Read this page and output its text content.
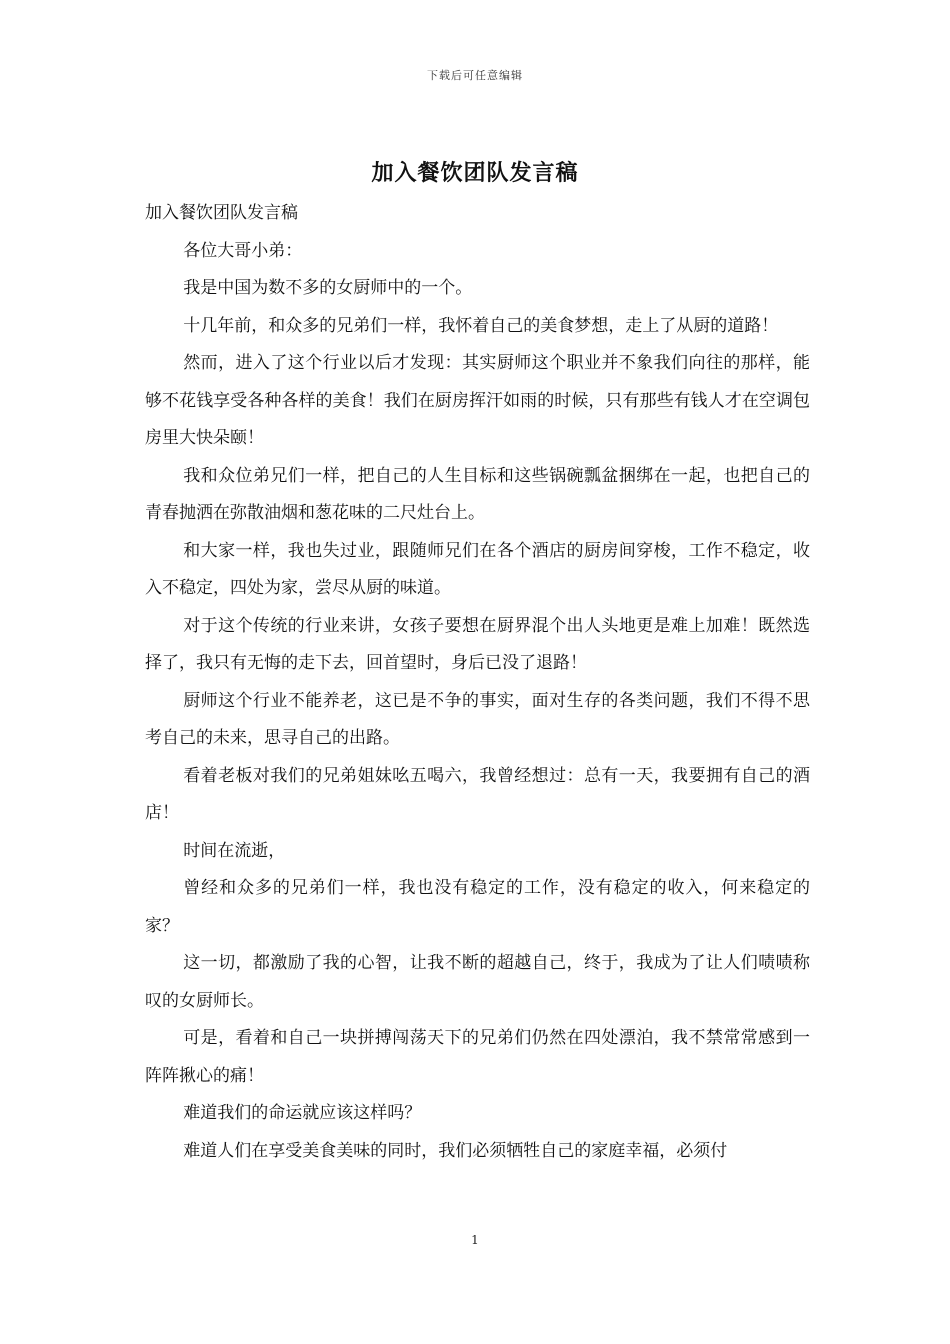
下载后可任意编辑
加入餐饮团队发言稿

加入餐饮团队发言稿

各位大哥小弟：

我是中国为数不多的女厨师中的一个。

十几年前，和众多的兄弟们一样，我怀着自己的美食梦想，走上了从厨的道路！

然而，进入了这个行业以后才发现：其实厨师这个职业并不象我们向往的那样，能够不花钱享受各种各样的美食！我们在厨房挥汗如雨的时候，只有那些有钱人才在空调包房里大快朵颐！

我和众位弟兄们一样，把自己的人生目标和这些锅碗瓢盆捆绑在一起，也把自己的青春抛洒在弥散油烟和葱花味的二尺灶台上。

和大家一样，我也失过业，跟随师兄们在各个酒店的厨房间穿梭，工作不稳定，收入不稳定，四处为家，尝尽从厨的味道。

对于这个传统的行业来讲，女孩子要想在厨界混个出人头地更是难上加难！既然选择了，我只有无悔的走下去，回首望时，身后已没了退路！

厨师这个行业不能养老，这已是不争的事实，面对生存的各类问题，我们不得不思考自己的未来，思寻自己的出路。

看着老板对我们的兄弟姐妹吆五喝六，我曾经想过：总有一天，我要拥有自己的酒店！

时间在流逝，

曾经和众多的兄弟们一样，我也没有稳定的工作，没有稳定的收入，何来稳定的家？

这一切，都激励了我的心智，让我不断的超越自己，终于，我成为了让人们啧啧称叹的女厨师长。

可是，看着和自己一块拼搏闯荡天下的兄弟们仍然在四处漂泊，我不禁常常感到一阵阵揪心的痛！

难道我们的命运就应该这样吗？

难道人们在享受美食美味的同时，我们必须牺牲自己的家庭幸福，必须付

1
